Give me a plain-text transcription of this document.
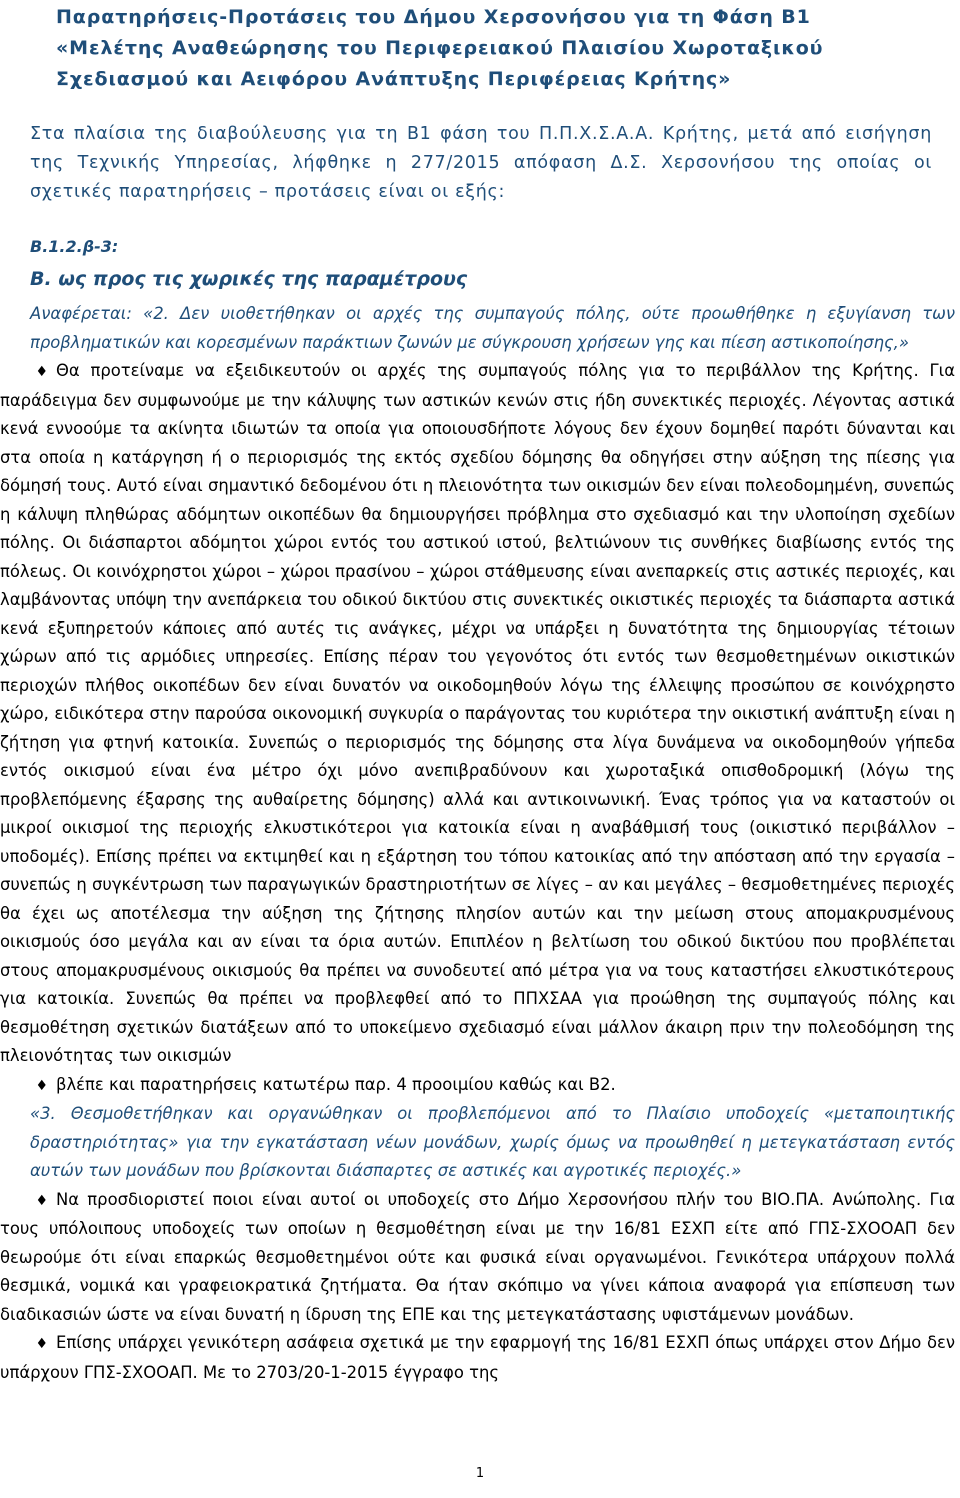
Παρατηρήσεις-Προτάσεις του Δήμου Χερσονήσου για τη Φάση Β1
«Μελέτης Αναθεώρησης του Περιφερειακού Πλαισίου Χωροταξικού
Σχεδιασμού και Αειφόρου Ανάπτυξης Περιφέρειας Κρήτης»
Στα πλαίσια της διαβούλευσης για τη Β1 φάση του Π.Π.Χ.Σ.Α.Α. Κρήτης, μετά από εισήγηση της Τεχνικής Υπηρεσίας, λήφθηκε η 277/2015 απόφαση Δ.Σ. Χερσονήσου της οποίας οι σχετικές παρατηρήσεις – προτάσεις είναι οι εξής:
Β.1.2.β-3:
Β. ως προς τις χωρικές της παραμέτρους

Αναφέρεται: «2. Δεν υιοθετήθηκαν οι αρχές της συμπαγούς πόλης, ούτε προωθήθηκε η εξυγίανση των προβληματικών και κορεσμένων παράκτιων ζωνών με σύγκρουση χρήσεων γης και πίεση αστικοποίησης,»

♦ Θα προτείναμε να εξειδικευτούν οι αρχές της συμπαγούς πόλης για το περιβάλλον της Κρήτης. Για παράδειγμα δεν συμφωνούμε με την κάλυψης των αστικών κενών στις ήδη συνεκτικές περιοχές. Λέγοντας αστικά κενά εννοούμε τα ακίνητα ιδιωτών τα οποία για οποιουσδήποτε λόγους δεν έχουν δομηθεί παρότι δύνανται και στα οποία η κατάργηση ή ο περιορισμός της εκτός σχεδίου δόμησης θα οδηγήσει στην αύξηση της πίεσης για δόμησή τους. Αυτό είναι σημαντικό δεδομένου ότι η πλειονότητα των οικισμών δεν είναι πολεοδομημένη, συνεπώς η κάλυψη πληθώρας αδόμητων οικοπέδων θα δημιουργήσει πρόβλημα στο σχεδιασμό και την υλοποίηση σχεδίων πόλης. Οι διάσπαρτοι αδόμητοι χώροι εντός του αστικού ιστού, βελτιώνουν τις συνθήκες διαβίωσης εντός της πόλεως. Οι κοινόχρηστοι χώροι – χώροι πρασίνου – χώροι στάθμευσης είναι ανεπαρκείς στις αστικές περιοχές, και λαμβάνοντας υπόψη την ανεπάρκεια του οδικού δικτύου στις συνεκτικές οικιστικές περιοχές τα διάσπαρτα αστικά κενά εξυπηρετούν κάποιες από αυτές τις ανάγκες, μέχρι να υπάρξει η δυνατότητα της δημιουργίας τέτοιων χώρων από τις αρμόδιες υπηρεσίες. Επίσης πέραν του γεγονότος ότι εντός των θεσμοθετημένων οικιστικών περιοχών πλήθος οικοπέδων δεν είναι δυνατόν να οικοδομηθούν λόγω της έλλειψης προσώπου σε κοινόχρηστο χώρο, ειδικότερα στην παρούσα οικονομική συγκυρία ο παράγοντας του κυριότερα την οικιστική ανάπτυξη είναι η ζήτηση για φτηνή κατοικία. Συνεπώς ο περιορισμός της δόμησης στα λίγα δυνάμενα να οικοδομηθούν γήπεδα εντός οικισμού είναι ένα μέτρο όχι μόνο ανεπιβραδύνουν και χωροταξικά οπισθοδρομική (λόγω της προβλεπόμενης έξαρσης της αυθαίρετης δόμησης) αλλά και αντικοινωνική. Ένας τρόπος για να καταστούν οι μικροί οικισμοί της περιοχής ελκυστικότεροι για κατοικία είναι η αναβάθμισή τους (οικιστικό περιβάλλον – υποδομές). Επίσης πρέπει να εκτιμηθεί και η εξάρτηση του τόπου κατοικίας από την απόσταση από την εργασία – συνεπώς η συγκέντρωση των παραγωγικών δραστηριοτήτων σε λίγες – αν και μεγάλες – θεσμοθετημένες περιοχές θα έχει ως αποτέλεσμα την αύξηση της ζήτησης πλησίον αυτών και την μείωση στους απομακρυσμένους οικισμούς όσο μεγάλα και αν είναι τα όρια αυτών. Επιπλέον η βελτίωση του οδικού δικτύου που προβλέπεται στους απομακρυσμένους οικισμούς θα πρέπει να συνοδευτεί από μέτρα για να τους καταστήσει ελκυστικότερους για κατοικία. Συνεπώς θα πρέπει να προβλεφθεί από το ΠΠΧΣΑΑ για προώθηση της συμπαγούς πόλης και θεσμοθέτηση σχετικών διατάξεων από το υποκείμενο σχεδιασμό είναι μάλλον άκαιρη πριν την πολεοδόμηση της πλειονότητας των οικισμών

♦ βλέπε και παρατηρήσεις κατωτέρω παρ. 4 προοιμίου καθώς και Β2.

«3. Θεσμοθετήθηκαν και οργανώθηκαν οι προβλεπόμενοι από το Πλαίσιο υποδοχείς «μεταποιητικής δραστηριότητας» για την εγκατάσταση νέων μονάδων, χωρίς όμως να προωθηθεί η μετεγκατάσταση εντός αυτών των μονάδων που βρίσκονται διάσπαρτες σε αστικές και αγροτικές περιοχές.»

♦ Να προσδιοριστεί ποιοι είναι αυτοί οι υποδοχείς στο Δήμο Χερσονήσου πλήν του ΒΙΟ.ΠΑ. Ανώπολης. Για τους υπόλοιπους υποδοχείς των οποίων η θεσμοθέτηση είναι με την 16/81 ΕΣΧΠ είτε από ΓΠΣ-ΣΧΟΟΑΠ δεν θεωρούμε ότι είναι επαρκώς θεσμοθετημένοι ούτε και φυσικά είναι οργανωμένοι. Γενικότερα υπάρχουν πολλά θεσμικά, νομικά και γραφειοκρατικά ζητήματα. Θα ήταν σκόπιμο να γίνει κάποια αναφορά για επίσπευση των διαδικασιών ώστε να είναι δυνατή η ίδρυση της ΕΠΕ και της μετεγκατάστασης υφιστάμενων μονάδων.

♦ Επίσης υπάρχει γενικότερη ασάφεια σχετικά με την εφαρμογή της 16/81 ΕΣΧΠ όπως υπάρχει στον Δήμο δεν υπάρχουν ΓΠΣ-ΣΧΟΟΑΠ. Με το 2703/20-1-2015 έγγραφο της

1
